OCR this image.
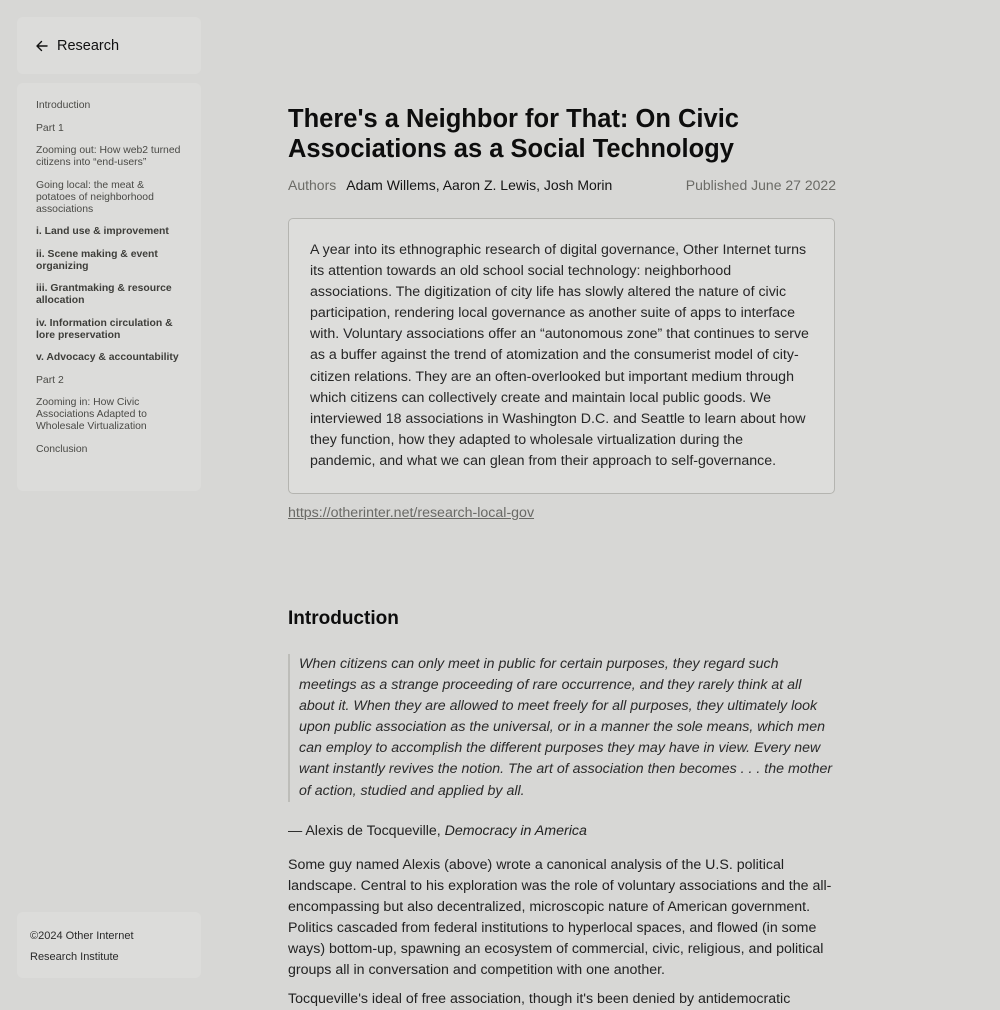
Research
Introduction
Part 1
Zooming out: How web2 turned citizens into “end-users”
Going local: the meat & potatoes of neighborhood associations
i. Land use & improvement
ii. Scene making & event organizing
iii. Grantmaking & resource allocation
iv. Information circulation & lore preservation
v. Advocacy & accountability
Part 2
Zooming in: How Civic Associations Adapted to Wholesale Virtualization
Conclusion
©2024 Other Internet
Research Institute
There's a Neighbor for That: On Civic Associations as a Social Technology
Authors Adam Willems, Aaron Z. Lewis, Josh Morin	Published June 27 2022
A year into its ethnographic research of digital governance, Other Internet turns its attention towards an old school social technology: neighborhood associations. The digitization of city life has slowly altered the nature of civic participation, rendering local governance as another suite of apps to interface with. Voluntary associations offer an “autonomous zone” that continues to serve as a buffer against the trend of atomization and the consumerist model of city-citizen relations. They are an often-overlooked but important medium through which citizens can collectively create and maintain local public goods. We interviewed 18 associations in Washington D.C. and Seattle to learn about how they function, how they adapted to wholesale virtualization during the pandemic, and what we can glean from their approach to self-governance.
https://otherinter.net/research-local-gov
Introduction
When citizens can only meet in public for certain purposes, they regard such meetings as a strange proceeding of rare occurrence, and they rarely think at all about it. When they are allowed to meet freely for all purposes, they ultimately look upon public association as the universal, or in a manner the sole means, which men can employ to accomplish the different purposes they may have in view. Every new want instantly revives the notion. The art of association then becomes . . . the mother of action, studied and applied by all.
— Alexis de Tocqueville, Democracy in America

Some guy named Alexis (above) wrote a canonical analysis of the U.S. political landscape. Central to his exploration was the role of voluntary associations and the all-encompassing but also decentralized, microscopic nature of American government. Politics cascaded from federal institutions to hyperlocal spaces, and flowed (in some ways) bottom-up, spawning an ecosystem of commercial, civic, religious, and political groups all in conversation and competition with one another.

Tocqueville's ideal of free association, though it's been denied by antidemocratic
